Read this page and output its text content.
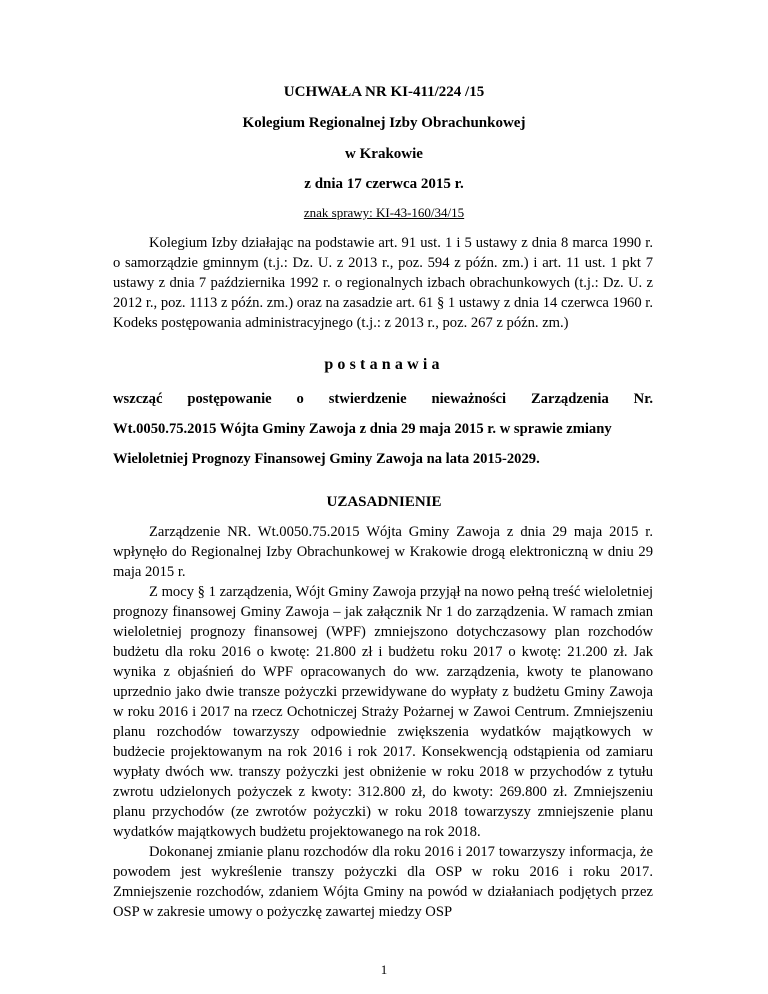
UCHWAŁA NR KI-411/224 /15
Kolegium Regionalnej Izby Obrachunkowej
w Krakowie
z dnia 17 czerwca 2015 r.
znak sprawy: KI-43-160/34/15

Kolegium Izby działając na podstawie art. 91 ust. 1 i 5 ustawy z dnia 8 marca 1990 r. o samorządzie gminnym (t.j.: Dz. U. z 2013 r., poz. 594 z późn. zm.) i art. 11 ust. 1 pkt 7 ustawy z dnia 7 października 1992 r. o regionalnych izbach obrachunkowych (t.j.: Dz. U. z 2012 r., poz. 1113 z późn. zm.) oraz na zasadzie art. 61 § 1 ustawy z dnia 14 czerwca 1960 r. Kodeks postępowania administracyjnego (t.j.: z 2013 r., poz. 267 z późn. zm.)

postanawia

wszcząć postępowanie o stwierdzenie nieważności Zarządzenia Nr.

Wt.0050.75.2015 Wójta Gminy Zawoja z dnia 29 maja 2015 r. w sprawie zmiany

Wieloletniej Prognozy Finansowej Gminy Zawoja na lata 2015-2029.

UZASADNIENIE

Zarządzenie NR. Wt.0050.75.2015 Wójta Gminy Zawoja z dnia 29 maja 2015 r. wpłynęło do Regionalnej Izby Obrachunkowej w Krakowie drogą elektroniczną w dniu 29 maja 2015 r.

Z mocy § 1 zarządzenia, Wójt Gminy Zawoja przyjął na nowo pełną treść wieloletniej prognozy finansowej Gminy Zawoja – jak załącznik Nr 1 do zarządzenia. W ramach zmian wieloletniej prognozy finansowej (WPF) zmniejszono dotychczasowy plan rozchodów budżetu dla roku 2016 o kwotę: 21.800 zł i budżetu roku 2017 o kwotę: 21.200 zł. Jak wynika z objaśnień do WPF opracowanych do ww. zarządzenia, kwoty te planowano uprzednio jako dwie transze pożyczki przewidywane do wypłaty z budżetu Gminy Zawoja w roku 2016 i 2017 na rzecz Ochotniczej Straży Pożarnej w Zawoi Centrum. Zmniejszeniu planu rozchodów towarzyszy odpowiednie zwiększenia wydatków majątkowych w budżecie projektowanym na rok 2016 i rok 2017. Konsekwencją odstąpienia od zamiaru wypłaty dwóch ww. transzy pożyczki jest obniżenie w roku 2018 w przychodów z tytułu zwrotu udzielonych pożyczek z kwoty: 312.800 zł, do kwoty: 269.800 zł. Zmniejszeniu planu przychodów (ze zwrotów pożyczki) w roku 2018 towarzyszy zmniejszenie planu wydatków majątkowych budżetu projektowanego na rok 2018.

Dokonanej zmianie planu rozchodów dla roku 2016 i 2017 towarzyszy informacja, że powodem jest wykreślenie transzy pożyczki dla OSP w roku 2016 i roku 2017. Zmniejszenie rozchodów, zdaniem Wójta Gminy na powód w działaniach podjętych przez OSP w zakresie umowy o pożyczkę zawartej miedzy OSP

1
